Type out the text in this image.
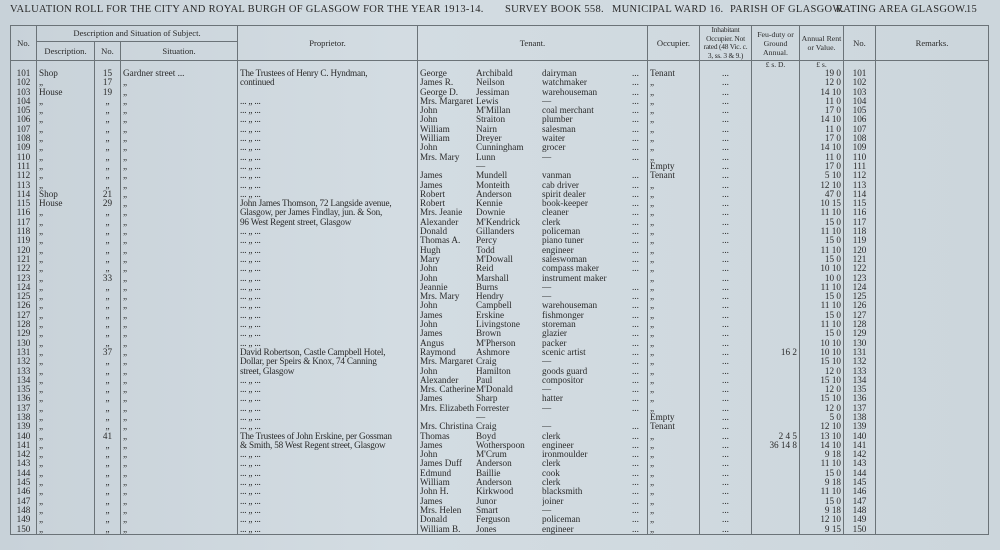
VALUATION ROLL FOR THE CITY AND ROYAL BURGH OF GLASGOW FOR THE YEAR 1913-14. SURVEY BOOK 558. MUNICIPAL WARD 16. PARISH OF GLASGOW.
RATING AREA GLASGOW.
15
No.	Description and Situation of Subject.			Proprietor.	Tenant.	Occupier.	Inhabitant Occupier. Not rated (48 Vic. c. 3, ss. 3 & 9.)	Feu-duty or Ground Annual.	Annual Rent or Value.	No.	Remarks.
	Description.	No.	Situation.								
								£ s. D.	£ s.		
101	Shop	15	Gardner street ...	The Trustees of Henry C. Hyndman,	George Archibald dairyman ...	Tenant	...		19 0	101	
102	„	17	„	continued	James R. Neilson watchmaker ...	„	...		12 0	102	
103	House	19	„		George D. Jessiman warehouseman ...	„	...		14 10	103	
104	„	„	„	... „ ...	Mrs. Margaret Lewis — ...	„	...		11 0	104	
105	„	„	„	... „ ...	John M'Millan coal merchant ...	„	...		17 0	105	
106	„	„	„	... „ ...	John Straiton plumber ...	„	...		14 10	106	
107	„	„	„	... „ ...	William Nairn salesman ...	„	...		11 0	107	
108	„	„	„	... „ ...	William Dreyer waiter ...	„	...		17 0	108	
109	„	„	„	... „ ...	John Cunningham grocer ...	„	...		14 10	109	
110	„	„	„	... „ ...	Mrs. Mary Lunn — ...	„	...		11 0	110	
111	„	„	„	... „ ...	—	Empty	...		17 0	111	
112	„	„	„	... „ ...	James Mundell vanman ...	Tenant	...		5 10	112	
113	„	„	„	... „ ...	James Monteith cab driver ...	„	...		12 10	113	
114	Shop	21	„	... „ ...	Robert Anderson spirit dealer ...	„	...		47 0	114	
115	House	29	„	John James Thomson, 72 Langside avenue,	Robert Kennie book-keeper ...	„	...		10 15	115	
116	„	„	„	Glasgow, per James Findlay, jun. & Son,	Mrs. Jeanie Downie cleaner ...	„	...		11 10	116	
117	„	„	„	96 West Regent street, Glasgow	Alexander M'Kendrick clerk ...	„	...		15 0	117	
118	„	„	„	... „ ...	Donald Gillanders policeman ...	„	...		11 10	118	
119	„	„	„	... „ ...	Thomas A. Percy piano tuner ...	„	...		15 0	119	
120	„	„	„	... „ ...	Hugh Todd engineer ...	„	...		11 10	120	
121	„	„	„	... „ ...	Mary M'Dowall saleswoman ...	„	...		15 0	121	
122	„	„	„	... „ ...	John Reid compass maker ...	„	...		10 10	122	
123	„	33	„	... „ ...	John Marshall instrument maker	„	...		10 0	123	
124	„	„	„	... „ ...	Jeannie Burns — ...	„	...		11 10	124	
125	„	„	„	... „ ...	Mrs. Mary Hendry — ...	„	...		15 0	125	
126	„	„	„	... „ ...	John Campbell warehouseman ...	„	...		11 10	126	
127	„	„	„	... „ ...	James Erskine fishmonger ...	„	...		15 0	127	
128	„	„	„	... „ ...	John Livingstone storeman ...	„	...		11 10	128	
129	„	„	„	... „ ...	James Brown glazier ...	„	...		15 0	129	
130	„	„	„	... „ ...	Angus M'Pherson packer ...	„	...		10 10	130	
131	„	37	„	David Robertson, Castle Campbell Hotel,	Raymond Ashmore scenic artist ...	„	...	16 2	10 10	131	
132	„	„	„	Dollar, per Speirs & Knox, 74 Canning	Mrs. Margaret Craig — ...	„	...		15 10	132	
133	„	„	„	street, Glasgow	John Hamilton goods guard ...	„	...		12 0	133	
134	„	„	„	... „ ...	Alexander Paul compositor ...	„	...		15 10	134	
135	„	„	„	... „ ...	Mrs. CatherineM'Donald — ...	„	...		12 0	135	
136	„	„	„	... „ ...	James Sharp hatter ...	„	...		15 10	136	
137	„	„	„	... „ ...	Mrs. Elizabeth Forrester — ...	„	...		12 0	137	
138	„	„	„	... „ ...	—	Empty	...		5 0	138	
139	„	„	„	... „ ...	Mrs. Christina Craig — ...	Tenant	...		12 10	139	
140	„	41	„	The Trustees of John Erskine, per Gossman	Thomas Boyd clerk ...	„	...	2 4 5	13 10	140	
141	„	„	„	& Smith, 58 West Regent street, Glasgow	James Wotherspoon engineer ...	„	...	36 14 8	14 10	141	
142	„	„	„	... „ ...	John M'Crum ironmoulder ...	„	...		9 18	142	
143	„	„	„	... „ ...	James Duff Anderson clerk ...	„	...		11 10	143	
144	„	„	„	... „ ...	Edmund Baillie cook ...	„	...		15 0	144	
145	„	„	„	... „ ...	William Anderson clerk ...	„	...		9 18	145	
146	„	„	„	... „ ...	John H. Kirkwood blacksmith ...	„	...		11 10	146	
147	„	„	„	... „ ...	James Junor joiner ...	„	...		15 0	147	
148	„	„	„	... „ ...	Mrs. Helen Smart — ...	„	...		9 18	148	
149	„	„	„	... „ ...	Donald Ferguson policeman ...	„	...		12 10	149	
150	„	„	„	... „ ...	William B. Jones engineer ...	„	...		9 15	150	
